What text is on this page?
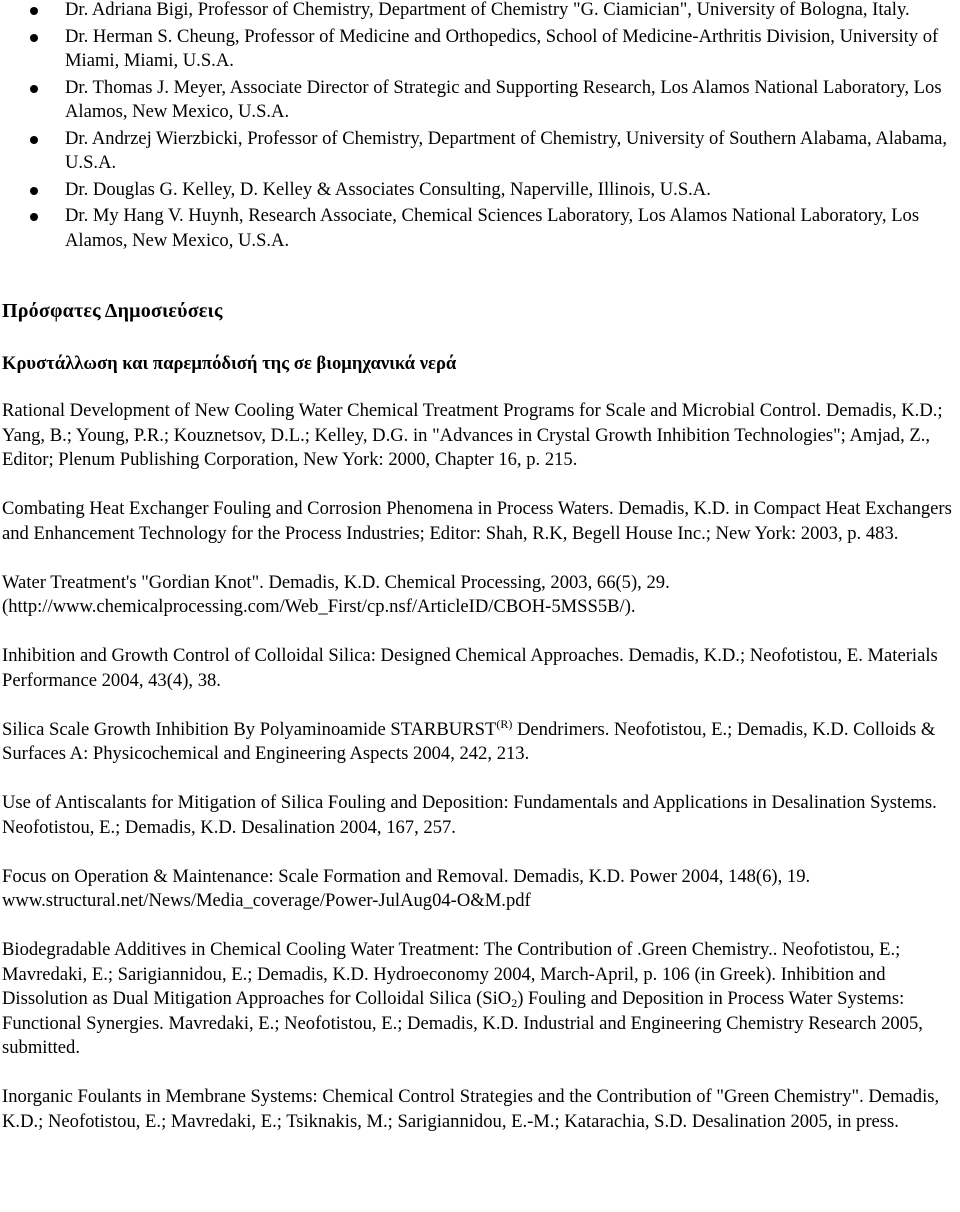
Dr. Adriana Bigi, Professor of Chemistry, Department of Chemistry "G. Ciamician", University of Bologna, Italy.
Dr. Herman S. Cheung, Professor of Medicine and Orthopedics, School of Medicine-Arthritis Division, University of Miami, Miami, U.S.A.
Dr. Thomas J. Meyer, Associate Director of Strategic and Supporting Research, Los Alamos National Laboratory, Los Alamos, New Mexico, U.S.A.
Dr. Andrzej Wierzbicki, Professor of Chemistry, Department of Chemistry, University of Southern Alabama, Alabama, U.S.A.
Dr. Douglas G. Kelley, D. Kelley & Associates Consulting, Naperville, Illinois, U.S.A.
Dr. My Hang V. Huynh, Research Associate, Chemical Sciences Laboratory, Los Alamos National Laboratory, Los Alamos, New Mexico, U.S.A.
Πρόσφατες Δημοσιεύσεις
Κρυστάλλωση και παρεμπόδισή της σε βιομηχανικά νερά

Rational Development of New Cooling Water Chemical Treatment Programs for Scale and Microbial Control. Demadis, K.D.; Yang, B.; Young, P.R.; Kouznetsov, D.L.; Kelley, D.G. in "Advances in Crystal Growth Inhibition Technologies"; Amjad, Z., Editor; Plenum Publishing Corporation, New York: 2000, Chapter 16, p. 215.

Combating Heat Exchanger Fouling and Corrosion Phenomena in Process Waters. Demadis, K.D. in Compact Heat Exchangers and Enhancement Technology for the Process Industries; Editor: Shah, R.K, Begell House Inc.; New York: 2003, p. 483.

Water Treatment's "Gordian Knot". Demadis, K.D. Chemical Processing, 2003, 66(5), 29.

(http://www.chemicalprocessing.com/Web_First/cp.nsf/ArticleID/CBOH-5MSS5B/).

Inhibition and Growth Control of Colloidal Silica: Designed Chemical Approaches. Demadis, K.D.; Neofotistou, E. Materials Performance 2004, 43(4), 38.

Silica Scale Growth Inhibition By Polyaminoamide $STARBURST^{(R)}$ Dendrimers. Neofotistou, E.; Demadis, K.D. Colloids & Surfaces A: Physicochemical and Engineering Aspects 2004, 242, 213.

Use of Antiscalants for Mitigation of Silica Fouling and Deposition: Fundamentals and Applications in Desalination Systems. Neofotistou, E.; Demadis, K.D. Desalination 2004, 167, 257.

Focus on Operation & Maintenance: Scale Formation and Removal. Demadis, K.D. Power 2004, 148(6), 19.

www.structural.net/News/Media_coverage/Power-JulAug04-O&M.pdf

Biodegradable Additives in Chemical Cooling Water Treatment: The Contribution of .Green Chemistry.. Neofotistou, E.; Mavredaki, E.; Sarigiannidou, E.; Demadis, K.D. Hydroeconomy 2004, March-April, p. 106 (in Greek). Inhibition and Dissolution as Dual Mitigation Approaches for Colloidal Silica (SiO$_2$) Fouling and Deposition in Process Water Systems: Functional Synergies. Mavredaki, E.; Neofotistou, E.; Demadis, K.D. Industrial and Engineering Chemistry Research 2005, submitted.

Inorganic Foulants in Membrane Systems: Chemical Control Strategies and the Contribution of "Green Chemistry". Demadis, K.D.; Neofotistou, E.; Mavredaki, E.; Tsiknakis, M.; Sarigiannidou, E.-M.; Katarachia, S.D. Desalination 2005, in press.
